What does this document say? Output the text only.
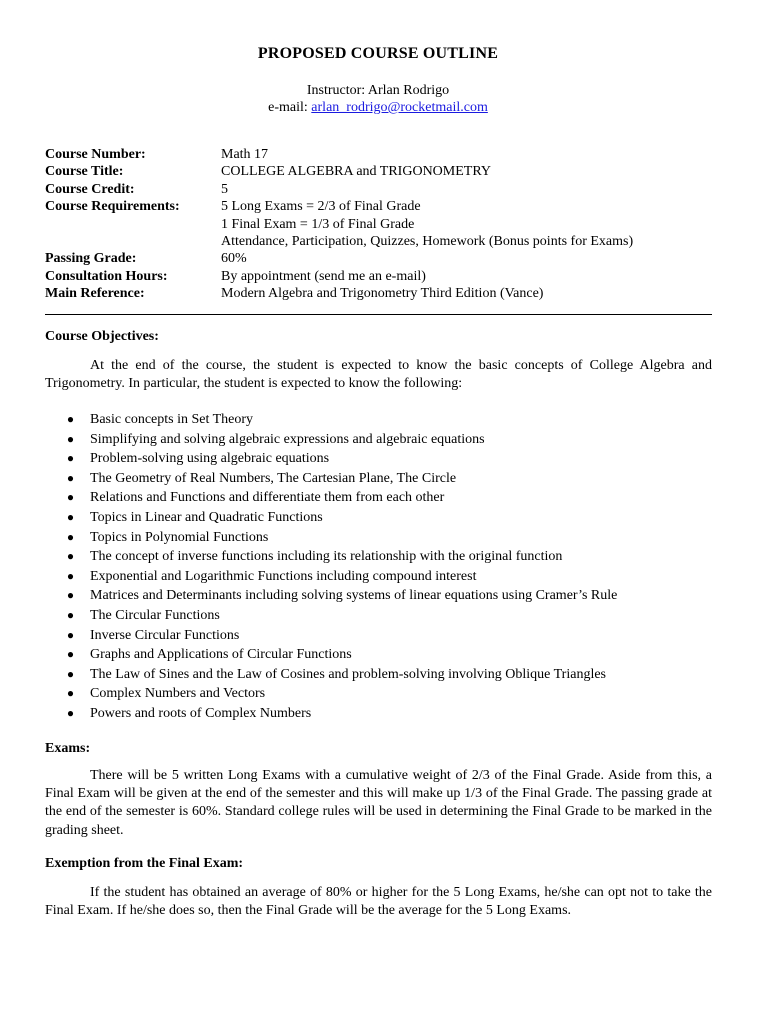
PROPOSED COURSE OUTLINE
Instructor: Arlan Rodrigo
e-mail: arlan_rodrigo@rocketmail.com
Course Number:	Math 17
Course Title:	COLLEGE ALGEBRA and TRIGONOMETRY
Course Credit:	5
Course Requirements:	5 Long Exams = 2/3 of Final Grade
1 Final Exam = 1/3 of Final Grade
Attendance, Participation, Quizzes, Homework (Bonus points for Exams)
Passing Grade:	60%
Consultation Hours:	By appointment (send me an e-mail)
Main Reference:	Modern Algebra and Trigonometry Third Edition (Vance)
Course Objectives:
At the end of the course, the student is expected to know the basic concepts of College Algebra and Trigonometry. In particular, the student is expected to know the following:
●	Basic concepts in Set Theory
●	Simplifying and solving algebraic expressions and algebraic equations
●	Problem-solving using algebraic equations
●	The Geometry of Real Numbers, The Cartesian Plane, The Circle
●	Relations and Functions and differentiate them from each other
●	Topics in Linear and Quadratic Functions
●	Topics in Polynomial Functions
●	The concept of inverse functions including its relationship with the original function
●	Exponential and Logarithmic Functions including compound interest
●	Matrices and Determinants including solving systems of linear equations using Cramer’s Rule
●	The Circular Functions
●	Inverse Circular Functions
●	Graphs and Applications of Circular Functions
●	The Law of Sines and the Law of Cosines and problem-solving involving Oblique Triangles
●	Complex Numbers and Vectors
●	Powers and roots of Complex Numbers
Exams:
There will be 5 written Long Exams with a cumulative weight of 2/3 of the Final Grade. Aside from this, a Final Exam will be given at the end of the semester and this will make up 1/3 of the Final Grade. The passing grade at the end of the semester is 60%. Standard college rules will be used in determining the Final Grade to be marked in the grading sheet.
Exemption from the Final Exam:
If the student has obtained an average of 80% or higher for the 5 Long Exams, he/she can opt not to take the Final Exam. If he/she does so, then the Final Grade will be the average for the 5 Long Exams.
